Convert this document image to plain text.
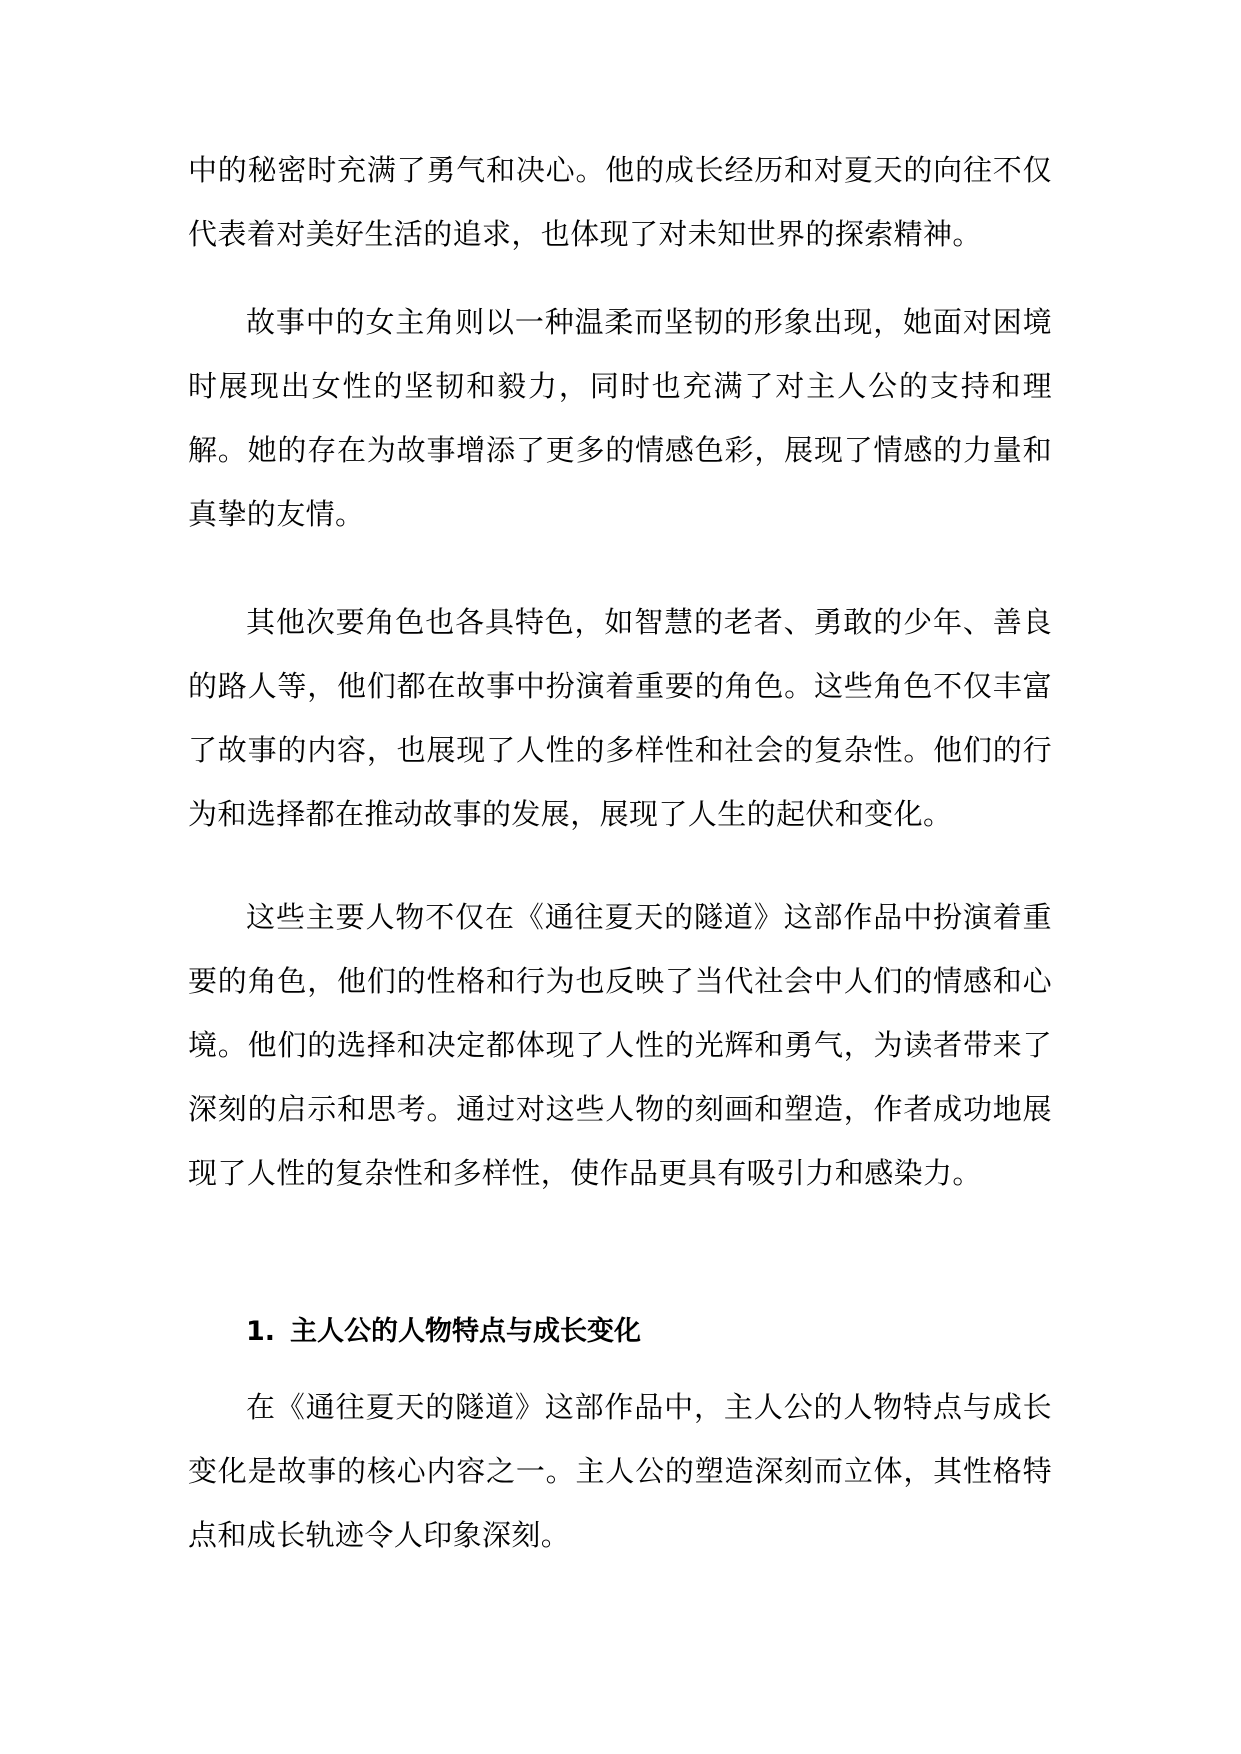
中的秘密时充满了勇气和决心。他的成长经历和对夏天的向往不仅代表着对美好生活的追求，也体现了对未知世界的探索精神。

故事中的女主角则以一种温柔而坚韧的形象出现，她面对困境时展现出女性的坚韧和毅力，同时也充满了对主人公的支持和理解。她的存在为故事增添了更多的情感色彩，展现了情感的力量和真挚的友情。

其他次要角色也各具特色，如智慧的老者、勇敢的少年、善良的路人等，他们都在故事中扮演着重要的角色。这些角色不仅丰富了故事的内容，也展现了人性的多样性和社会的复杂性。他们的行为和选择都在推动故事的发展，展现了人生的起伏和变化。

这些主要人物不仅在《通往夏天的隧道》这部作品中扮演着重要的角色，他们的性格和行为也反映了当代社会中人们的情感和心境。他们的选择和决定都体现了人性的光辉和勇气，为读者带来了深刻的启示和思考。通过对这些人物的刻画和塑造，作者成功地展现了人性的复杂性和多样性，使作品更具有吸引力和感染力。

1. 主人公的人物特点与成长变化

在《通往夏天的隧道》这部作品中，主人公的人物特点与成长变化是故事的核心内容之一。主人公的塑造深刻而立体，其性格特点和成长轨迹令人印象深刻。
